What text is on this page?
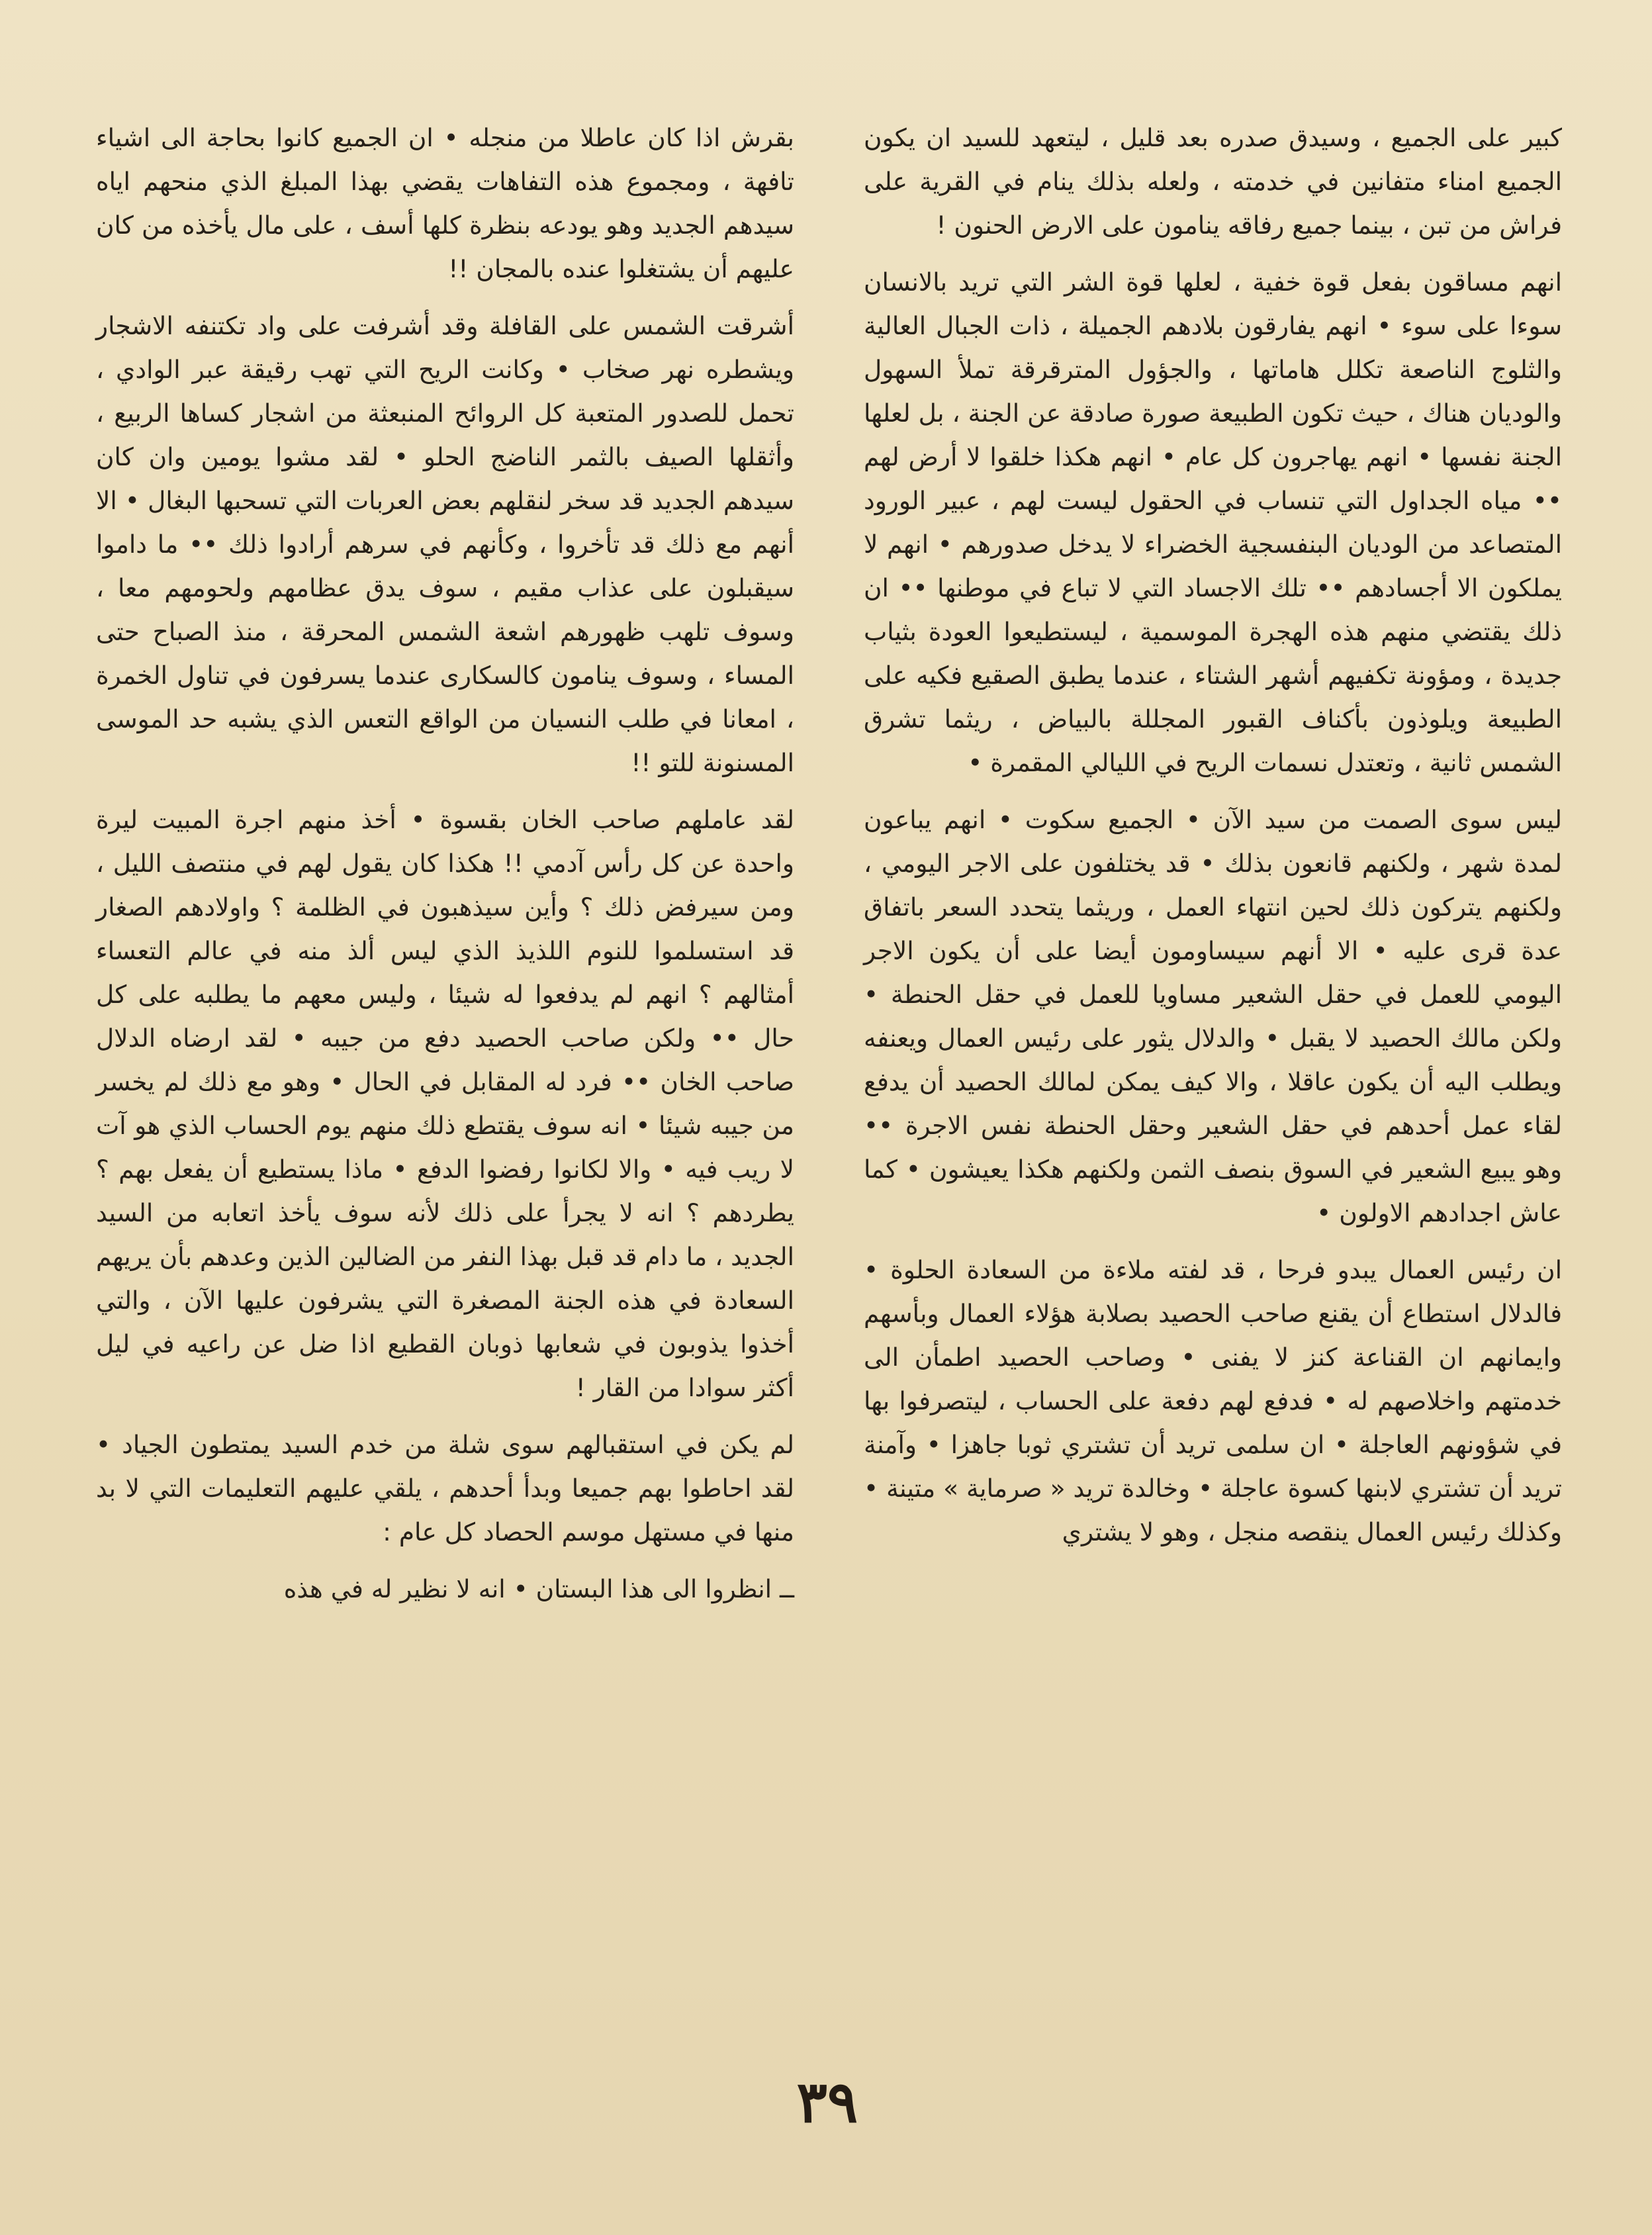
كبير على الجميع ، وسيدق صدره بعد قليل ، ليتعهد للسيد ان يكون الجميع امناء متفانين في خدمته ، ولعله بذلك ينام في القرية على فراش من تبن ، بينما جميع رفاقه ينامون على الارض الحنون !

انهم مساقون بفعل قوة خفية ، لعلها قوة الشر التي تريد بالانسان سوءا على سوء • انهم يفارقون بلادهم الجميلة ، ذات الجبال العالية والثلوج الناصعة تكلل هاماتها ، والجؤول المترقرقة تملأ السهول والوديان هناك ، حيث تكون الطبيعة صورة صادقة عن الجنة ، بل لعلها الجنة نفسها • انهم يهاجرون كل عام • انهم هكذا خلقوا لا أرض لهم •• مياه الجداول التي تنساب في الحقول ليست لهم ، عبير الورود المتصاعد من الوديان البنفسجية الخضراء لا يدخل صدورهم • انهم لا يملكون الا أجسادهم •• تلك الاجساد التي لا تباع في موطنها •• ان ذلك يقتضي منهم هذه الهجرة الموسمية ، ليستطيعوا العودة بثياب جديدة ، ومؤونة تكفيهم أشهر الشتاء ، عندما يطبق الصقيع فكيه على الطبيعة ويلوذون بأكناف القبور المجللة بالبياض ، ريثما تشرق الشمس ثانية ، وتعتدل نسمات الريح في الليالي المقمرة •

ليس سوى الصمت من سيد الآن • الجميع سكوت • انهم يباعون لمدة شهر ، ولكنهم قانعون بذلك • قد يختلفون على الاجر اليومي ، ولكنهم يتركون ذلك لحين انتهاء العمل ، وريثما يتحدد السعر باتفاق عدة قرى عليه • الا أنهم سيساومون أيضا على أن يكون الاجر اليومي للعمل في حقل الشعير مساويا للعمل في حقل الحنطة • ولكن مالك الحصيد لا يقبل • والدلال يثور على رئيس العمال ويعنفه ويطلب اليه أن يكون عاقلا ، والا كيف يمكن لمالك الحصيد أن يدفع لقاء عمل أحدهم في حقل الشعير وحقل الحنطة نفس الاجرة •• وهو يبيع الشعير في السوق بنصف الثمن ولكنهم هكذا يعيشون • كما عاش اجدادهم الاولون •

ان رئيس العمال يبدو فرحا ، قد لفته ملاءة من السعادة الحلوة • فالدلال استطاع أن يقنع صاحب الحصيد بصلابة هؤلاء العمال وبأسهم وايمانهم ان القناعة كنز لا يفنى • وصاحب الحصيد اطمأن الى خدمتهم واخلاصهم له • فدفع لهم دفعة على الحساب ، ليتصرفوا بها في شؤونهم العاجلة • ان سلمى تريد أن تشتري ثوبا جاهزا • وآمنة تريد أن تشتري لابنها كسوة عاجلة • وخالدة تريد « صرماية » متينة • وكذلك رئيس العمال ينقصه منجل ، وهو لا يشتري

بقرش اذا كان عاطلا من منجله • ان الجميع كانوا بحاجة الى اشياء تافهة ، ومجموع هذه التفاهات يقضي بهذا المبلغ الذي منحهم اياه سيدهم الجديد وهو يودعه بنظرة كلها أسف ، على مال يأخذه من كان عليهم أن يشتغلوا عنده بالمجان !!

أشرقت الشمس على القافلة وقد أشرفت على واد تكتنفه الاشجار ويشطره نهر صخاب • وكانت الريح التي تهب رقيقة عبر الوادي ، تحمل للصدور المتعبة كل الروائح المنبعثة من اشجار كساها الربيع ، وأثقلها الصيف بالثمر الناضج الحلو • لقد مشوا يومين وان كان سيدهم الجديد قد سخر لنقلهم بعض العربات التي تسحبها البغال • الا أنهم مع ذلك قد تأخروا ، وكأنهم في سرهم أرادوا ذلك •• ما داموا سيقبلون على عذاب مقيم ، سوف يدق عظامهم ولحومهم معا ، وسوف تلهب ظهورهم اشعة الشمس المحرقة ، منذ الصباح حتى المساء ، وسوف ينامون كالسكارى عندما يسرفون في تناول الخمرة ، امعانا في طلب النسيان من الواقع التعس الذي يشبه حد الموسى المسنونة للتو !!

لقد عاملهم صاحب الخان بقسوة • أخذ منهم اجرة المبيت ليرة واحدة عن كل رأس آدمي !! هكذا كان يقول لهم في منتصف الليل ، ومن سيرفض ذلك ؟ وأين سيذهبون في الظلمة ؟ واولادهم الصغار قد استسلموا للنوم اللذيذ الذي ليس ألذ منه في عالم التعساء أمثالهم ؟ انهم لم يدفعوا له شيئا ، وليس معهم ما يطلبه على كل حال •• ولكن صاحب الحصيد دفع من جيبه • لقد ارضاه الدلال صاحب الخان •• فرد له المقابل في الحال • وهو مع ذلك لم يخسر من جيبه شيئا • انه سوف يقتطع ذلك منهم يوم الحساب الذي هو آت لا ريب فيه • والا لكانوا رفضوا الدفع • ماذا يستطيع أن يفعل بهم ؟ يطردهم ؟ انه لا يجرأ على ذلك لأنه سوف يأخذ اتعابه من السيد الجديد ، ما دام قد قبل بهذا النفر من الضالين الذين وعدهم بأن يريهم السعادة في هذه الجنة المصغرة التي يشرفون عليها الآن ، والتي أخذوا يذوبون في شعابها ذوبان القطيع اذا ضل عن راعيه في ليل أكثر سوادا من القار !

لم يكن في استقبالهم سوى شلة من خدم السيد يمتطون الجياد • لقد احاطوا بهم جميعا وبدأ أحدهم ، يلقي عليهم التعليمات التي لا بد منها في مستهل موسم الحصاد كل عام :

ــ انظروا الى هذا البستان • انه لا نظير له في هذه

٣٩
